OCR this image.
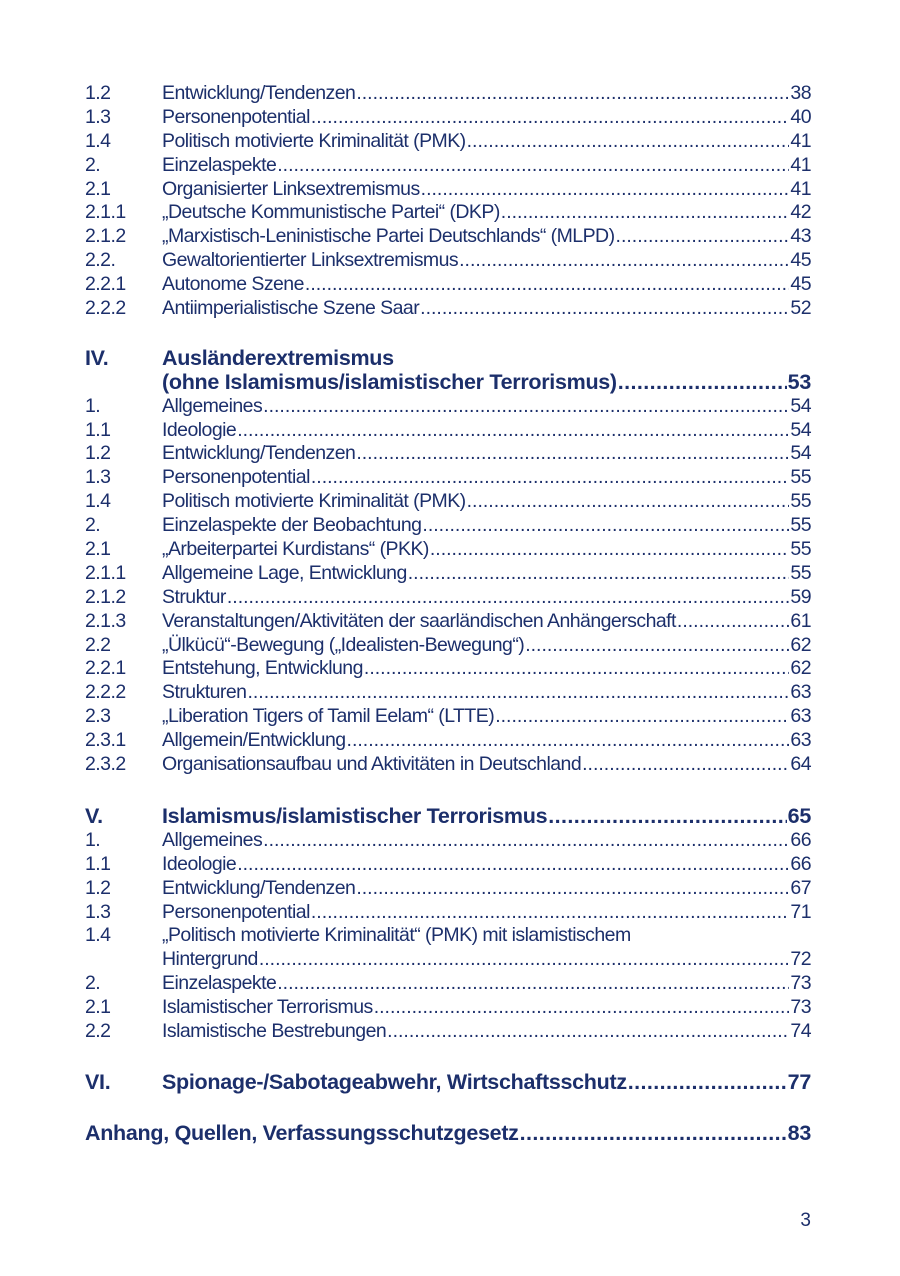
1.2	Entwicklung/Tendenzen .....	38
1.3	Personenpotential .....	40
1.4	Politisch motivierte Kriminalität (PMK) .....	41
2.	Einzelaspekte .....	41
2.1	Organisierter Linksextremismus .....	41
2.1.1	„Deutsche Kommunistische Partei“ (DKP) .....	42
2.1.2	„Marxistisch-Leninistische Partei Deutschlands“ (MLPD) .....	43
2.2.	Gewaltorientierter Linksextremismus .....	45
2.2.1	Autonome Szene .....	45
2.2.2	Antiimperialistische Szene Saar .....	52
IV.	Ausländerextremismus
(ohne Islamismus/islamistischer Terrorismus) .....	53
1.	Allgemeines .....	54
1.1	Ideologie .....	54
1.2	Entwicklung/Tendenzen .....	54
1.3	Personenpotential .....	55
1.4	Politisch motivierte Kriminalität (PMK) .....	55
2.	Einzelaspekte der Beobachtung .....	55
2.1	„Arbeiterpartei Kurdistans“ (PKK) .....	55
2.1.1	Allgemeine Lage, Entwicklung .....	55
2.1.2	Struktur .....	59
2.1.3	Veranstaltungen/Aktivitäten der saarländischen Anhängerschaft .....	61
2.2	„Ülkücü“-Bewegung („Idealisten-Bewegung“) .....	62
2.2.1	Entstehung, Entwicklung .....	62
2.2.2	Strukturen .....	63
2.3	„Liberation Tigers of Tamil Eelam“ (LTTE) .....	63
2.3.1	Allgemein/Entwicklung .....	63
2.3.2	Organisationsaufbau und Aktivitäten in Deutschland .....	64
V.	Islamismus/islamistischer Terrorismus .....	65
1.	Allgemeines .....	66
1.1	Ideologie .....	66
1.2	Entwicklung/Tendenzen .....	67
1.3	Personenpotential .....	71
1.4	„Politisch motivierte Kriminalität“ (PMK) mit islamistischem
Hintergrund .....	72
2.	Einzelaspekte .....	73
2.1	Islamistischer Terrorismus .....	73
2.2	Islamistische Bestrebungen .....	74
VI.	Spionage-/Sabotageabwehr, Wirtschaftsschutz .....	77
Anhang, Quellen, Verfassungsschutzgesetz .....	83
3
